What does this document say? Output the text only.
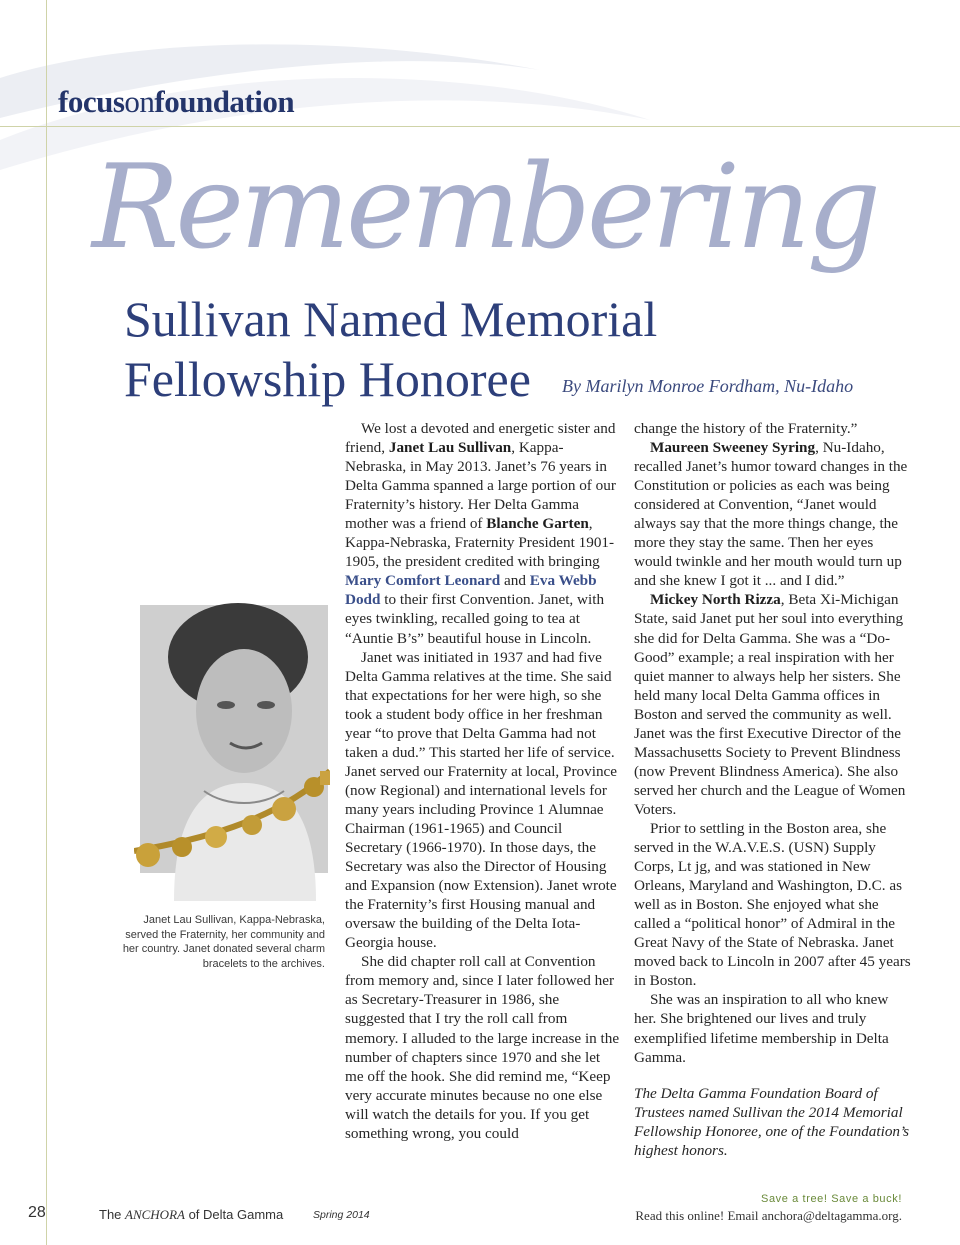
focusonfoundation
Remembering
Sullivan Named Memorial
Fellowship Honoree By Marilyn Monroe Fordham, Nu-Idaho
Janet Lau Sullivan, Kappa-Nebraska, served the Fraternity, her community and her country. Janet donated several charm bracelets to the archives.

We lost a devoted and energetic sister and friend, Janet Lau Sullivan, Kappa-Nebraska, in May 2013. Janet’s 76 years in Delta Gamma spanned a large portion of our Fraternity’s history. Her Delta Gamma mother was a friend of Blanche Garten, Kappa-Nebraska, Fraternity President 1901-1905, the president credited with bringing Mary Comfort Leonard and Eva Webb Dodd to their first Convention. Janet, with eyes twinkling, recalled going to tea at “Auntie B’s” beautiful house in Lincoln.

Janet was initiated in 1937 and had five Delta Gamma relatives at the time. She said that expectations for her were high, so she took a student body office in her freshman year “to prove that Delta Gamma had not taken a dud.” This started her life of service. Janet served our Fraternity at local, Province (now Regional) and international levels for many years including Province 1 Alumnae Chairman (1961-1965) and Council Secretary (1966-1970). In those days, the Secretary was also the Director of Housing and Expansion (now Extension). Janet wrote the Fraternity’s first Housing manual and oversaw the building of the Delta Iota-Georgia house.

She did chapter roll call at Convention from memory and, since I later followed her as Secretary-Treasurer in 1986, she suggested that I try the roll call from memory. I alluded to the large increase in the number of chapters since 1970 and she let me off the hook. She did remind me, “Keep very accurate minutes because no one else will watch the details for you. If you get something wrong, you could

change the history of the Fraternity.”

Maureen Sweeney Syring, Nu-Idaho, recalled Janet’s humor toward changes in the Constitution or policies as each was being considered at Convention, “Janet would always say that the more things change, the more they stay the same. Then her eyes would twinkle and her mouth would turn up and she knew I got it ... and I did.”

Mickey North Rizza, Beta Xi-Michigan State, said Janet put her soul into everything she did for Delta Gamma. She was a “Do-Good” example; a real inspiration with her quiet manner to always help her sisters. She held many local Delta Gamma offices in Boston and served the community as well. Janet was the first Executive Director of the Massachusetts Society to Prevent Blindness (now Prevent Blindness America). She also served her church and the League of Women Voters.

Prior to settling in the Boston area, she served in the W.A.V.E.S. (USN) Supply Corps, Lt jg, and was stationed in New Orleans, Maryland and Washington, D.C. as well as in Boston. She enjoyed what she called a “political honor” of Admiral in the Great Navy of the State of Nebraska. Janet moved back to Lincoln in 2007 after 45 years in Boston.

She was an inspiration to all who knew her. She brightened our lives and truly exemplified lifetime membership in Delta Gamma.

The Delta Gamma Foundation Board of Trustees named Sullivan the 2014 Memorial Fellowship Honoree, one of the Foundation’s highest honors.

28	The ANCHORA of Delta Gamma	Spring 2014
Save a tree! Save a buck!
Read this online! Email anchora@deltagamma.org.
